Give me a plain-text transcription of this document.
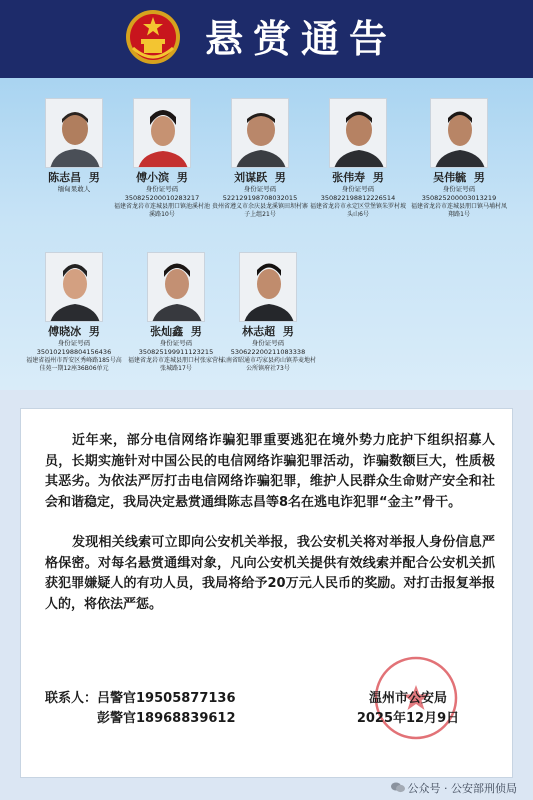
悬赏通告
陈志昌 男
缅甸果敢人
傅小滨 男
身份证号码
350825200010283217
福建省龙岩市连城县朋口镇池溪村池溪路10号
刘谋跃 男
身份证号码
522129198708032015
贵州省遵义市余庆县龙溪镇田坝村寨子上组21号
张伟寿 男
身份证号码
350822198812226514
福建省龙岩市永定区堂堡镇朱罗村坡头山6号
吴伟毓 男
身份证号码
350825200003013219
福建省龙岩市连城县朋口镇马埔村凤翔路1号
傅晓冰 男
身份证号码
350102198804156436
福建省福州市晋安区秀峰路185号高佳苑一期12座36B06单元
张灿鑫 男
身份证号码
350825199911123215
福建省龙岩市连城县朋口村张家营村张城路17号
林志超 男
身份证号码
530622200211083338
云南省昭通市巧家县药山镇养麦地村公所镇府社73号
近年来，部分电信网络诈骗犯罪重要逃犯在境外势力庇护下组织招募人员，长期实施针对中国公民的电信网络诈骗犯罪活动，诈骗数额巨大，性质极其恶劣。为依法严厉打击电信网络诈骗犯罪，维护人民群众生命财产安全和社会和谐稳定，我局决定悬赏通缉陈志昌等8名在逃电诈犯罪“金主”骨干。
发现相关线索可立即向公安机关举报，我公安机关将对举报人身份信息严格保密。对每名悬赏通缉对象，凡向公安机关提供有效线索并配合公安机关抓获犯罪嫌疑人的有功人员，我局将给予20万元人民币的奖励。对打击报复举报人的，将依法严惩。
联系人：吕警官19505877136
彭警官18968839612
温州市公安局
2025年12月9日
公众号 · 公安部刑侦局
